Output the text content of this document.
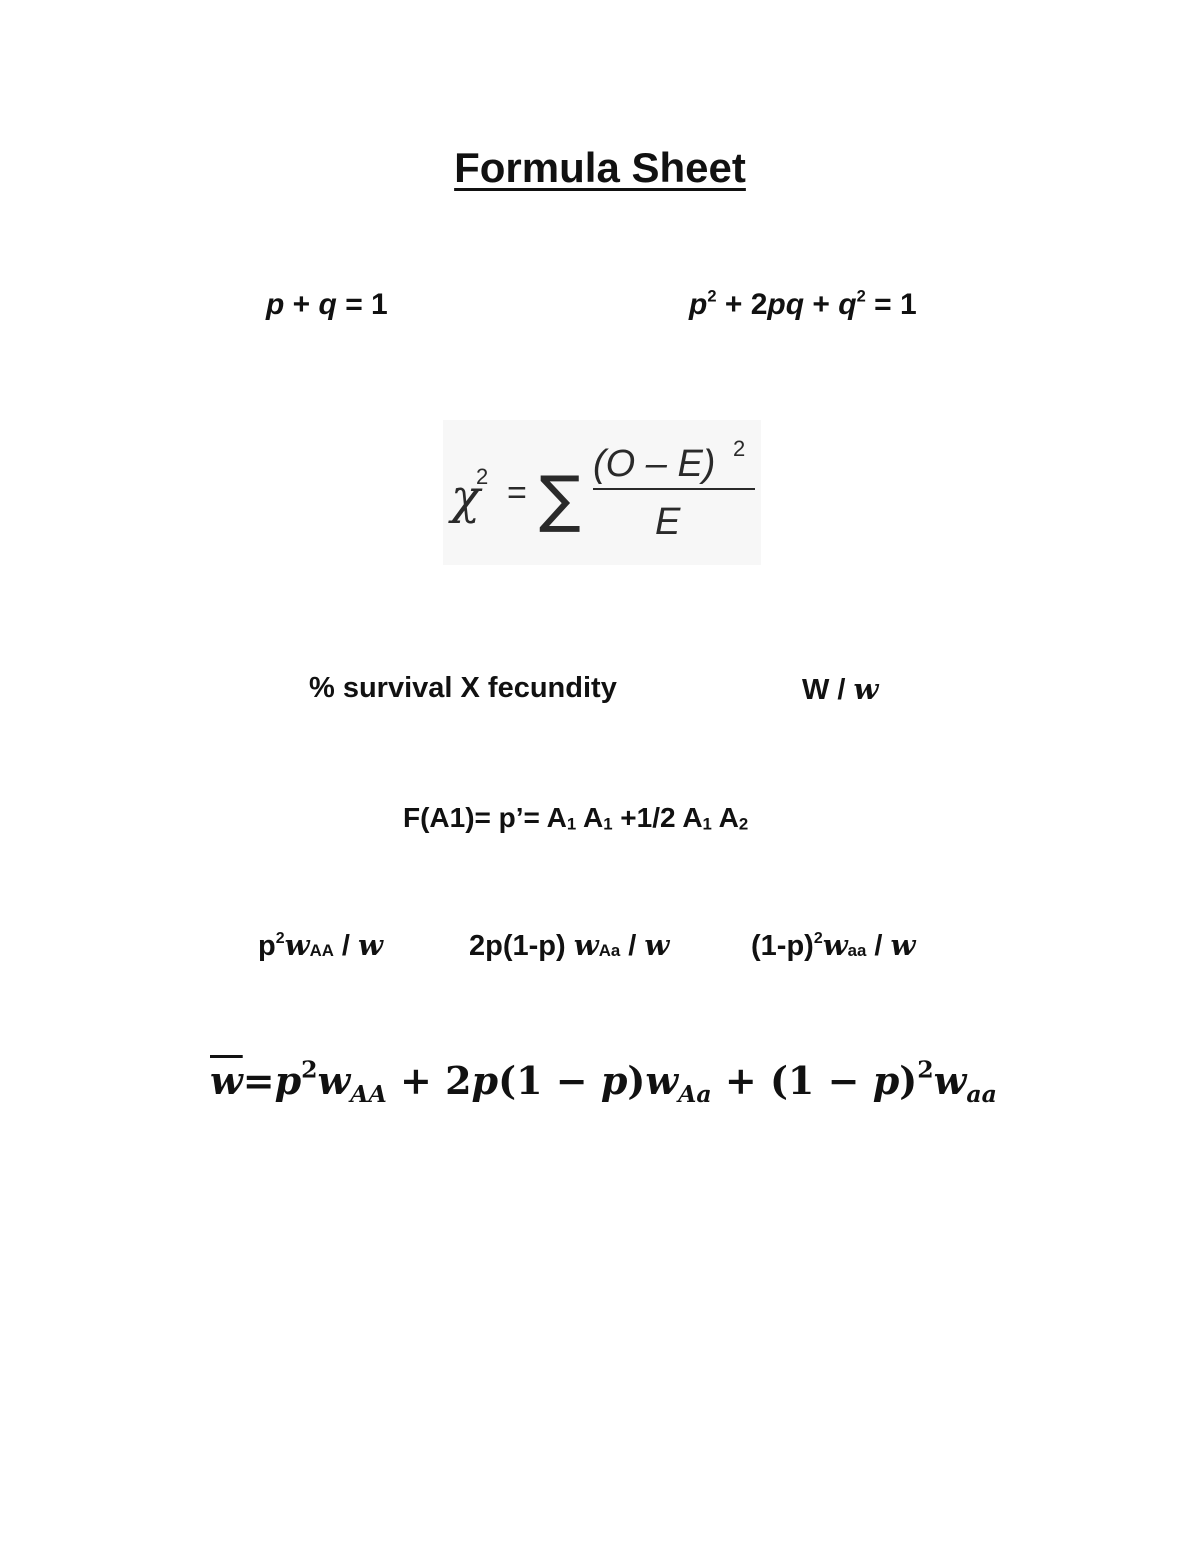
Formula Sheet
p + q = 1	$p^2 + 2pq + q^2 = 1$
χ
2 = ∑ (O – E) 2
E
% survival X fecundity	W / w
F(A1)= p’= $A_1$ $A_1 +1/2$ $A_1$ $A_2$
$p^2wAA$ / w	2p(1-p) wAa / w	$(1-p)^2waa$ / w
$\overline{w}=p^2w_{AA} + 2p(1 - p)w_{Aa} + (1 - p)^2w_{aa}$
